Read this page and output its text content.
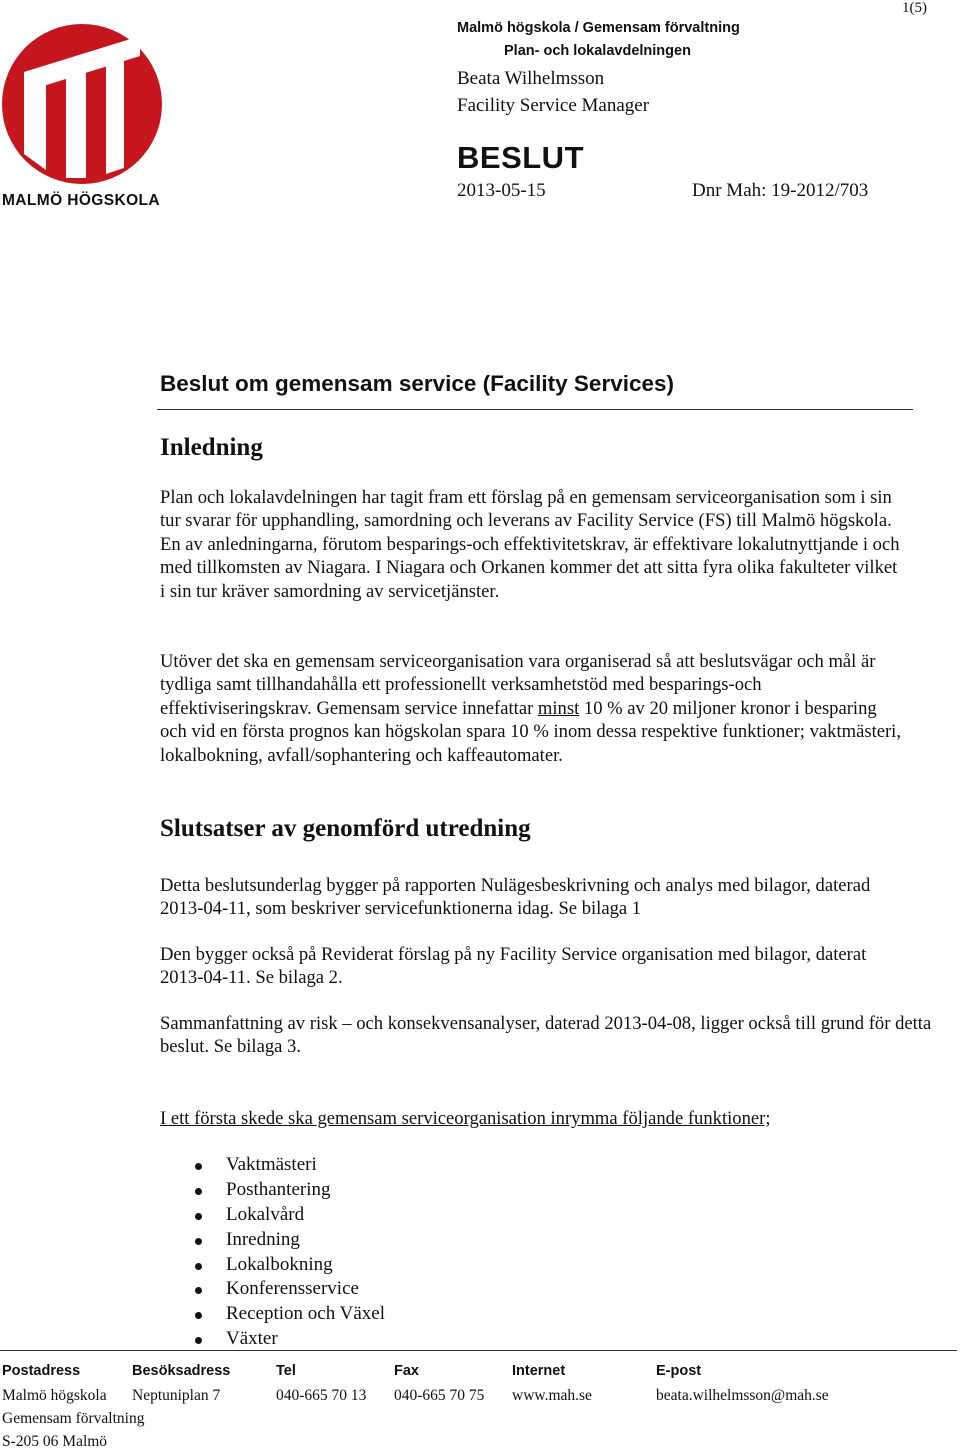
1(5)
MALMÖ HÖGSKOLA
Malmö högskola / Gemensam förvaltning
Plan- och lokalavdelningen
Beata Wilhelmsson
Facility Service Manager
BESLUT
2013-05-15	Dnr Mah: 19-2012/703
Beslut om gemensam service (Facility Services)
Inledning

Plan och lokalavdelningen har tagit fram ett förslag på en gemensam serviceorganisation som i sin tur svarar för upphandling, samordning och leverans av Facility Service (FS) till Malmö högskola. En av anledningarna, förutom besparings-och effektivitetskrav, är effektivare lokalutnyttjande i och med tillkomsten av Niagara. I Niagara och Orkanen kommer det att sitta fyra olika fakulteter vilket i sin tur kräver samordning av servicetjänster.

Utöver det ska en gemensam serviceorganisation vara organiserad så att beslutsvägar och mål är tydliga samt tillhandahålla ett professionellt verksamhetstöd med besparings-och effektiviseringskrav. Gemensam service innefattar minst 10 % av 20 miljoner kronor i besparing och vid en första prognos kan högskolan spara 10 % inom dessa respektive funktioner; vaktmästeri, lokalbokning, avfall/sophantering och kaffeautomater.

Slutsatser av genomförd utredning

Detta beslutsunderlag bygger på rapporten Nulägesbeskrivning och analys med bilagor, daterad 2013-04-11, som beskriver servicefunktionerna idag. Se bilaga 1

Den bygger också på Reviderat förslag på ny Facility Service organisation med bilagor, daterat 2013-04-11. Se bilaga 2.

Sammanfattning av risk – och konsekvensanalyser, daterad 2013-04-08, ligger också till grund för detta beslut. Se bilaga 3.

I ett första skede ska gemensam serviceorganisation inrymma följande funktioner;

Vaktmästeri
Posthantering
Lokalvård
Inredning
Lokalbokning
Konferensservice
Reception och Växel
Växter
Postadress
Malmö högskola
Gemensam förvaltning
S-205 06 Malmö
Besöksadress
Neptuniplan 7
Tel
040-665 70 13
Fax
040-665 70 75
Internet
www.mah.se
E-post
beata.wilhelmsson@mah.se
